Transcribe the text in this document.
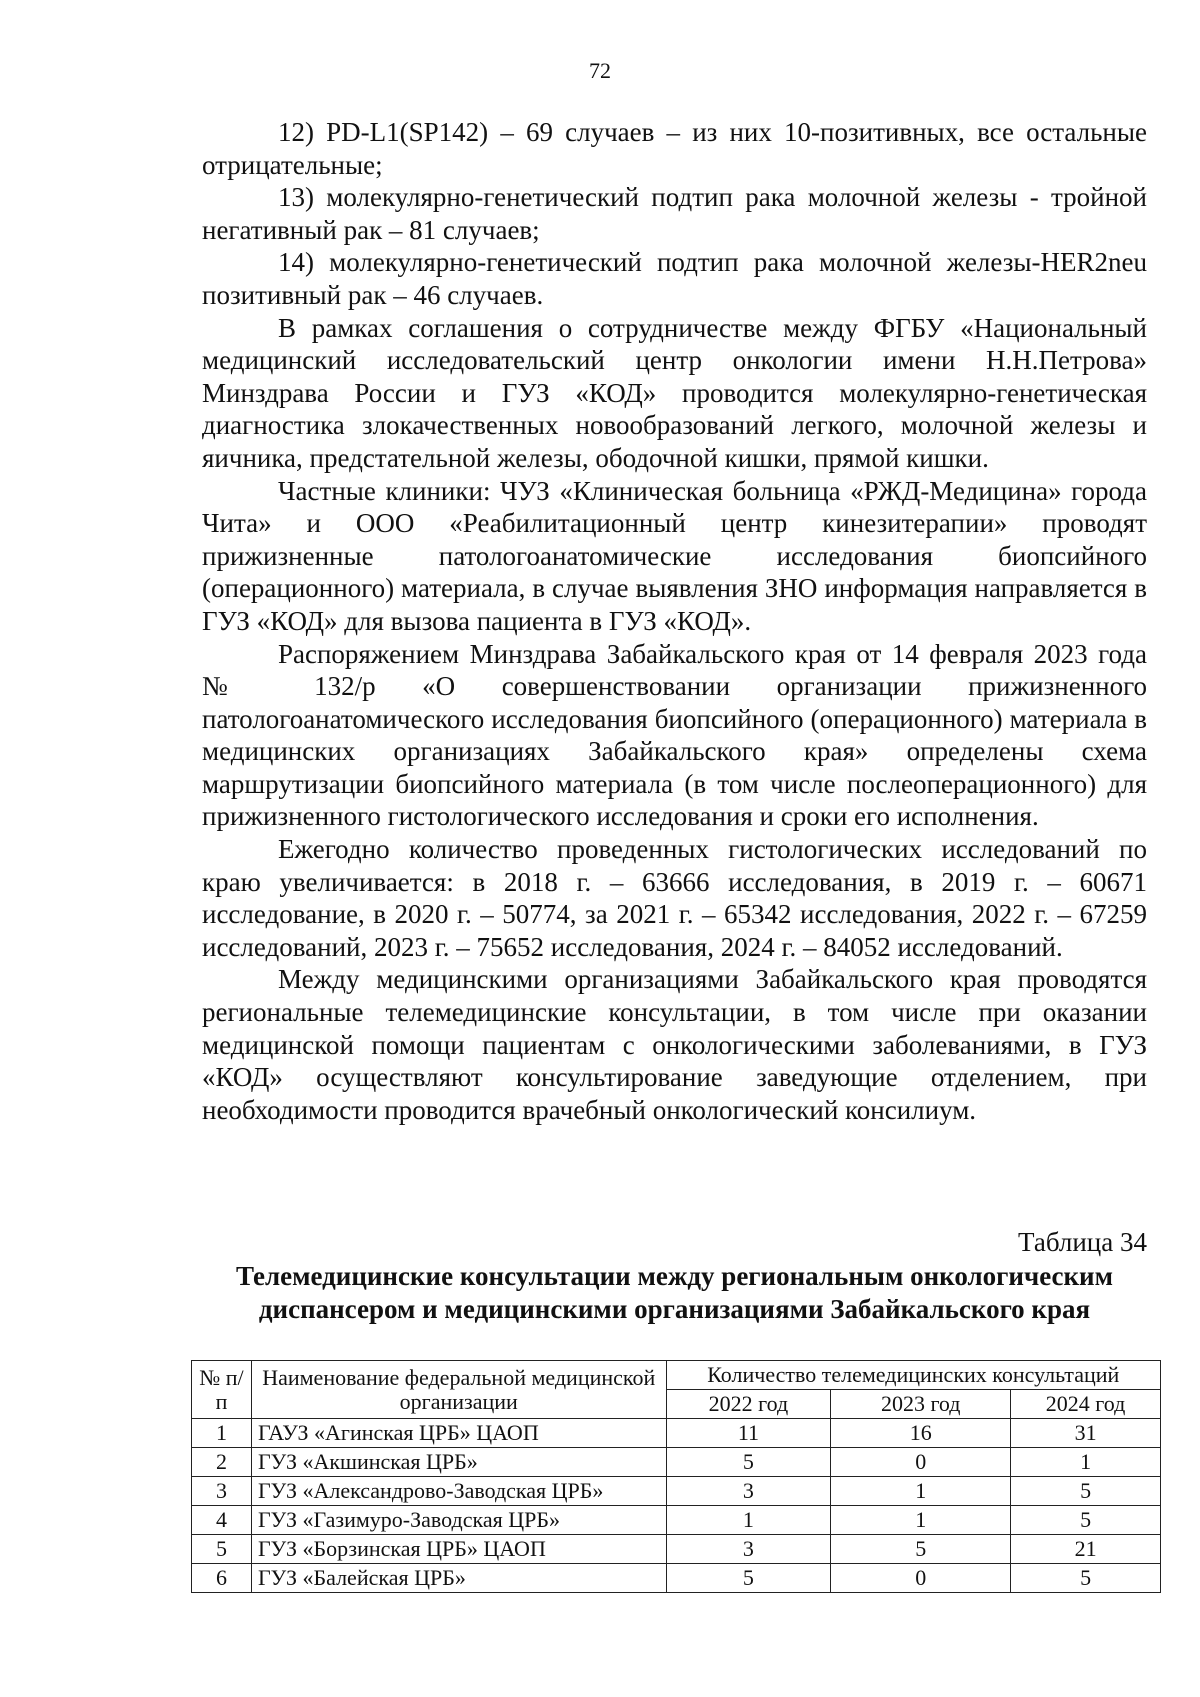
72

12) PD-L1(SP142) – 69 случаев – из них 10-позитивных, все остальные отрицательные;

13) молекулярно-генетический подтип рака молочной железы - тройной негативный рак – 81 случаев;

14) молекулярно-генетический подтип рака молочной железы-HER2neu позитивный рак – 46 случаев.

В рамках соглашения о сотрудничестве между ФГБУ «Национальный медицинский исследовательский центр онкологии имени Н.Н.Петрова» Минздрава России и ГУЗ «КОД» проводится молекулярно-генетическая диагностика злокачественных новообразований легкого, молочной железы и яичника, предстательной железы, ободочной кишки, прямой кишки.

Частные клиники: ЧУЗ «Клиническая больница «РЖД-Медицина» города Чита» и ООО «Реабилитационный центр кинезитерапии» проводят прижизненные патологоанатомические исследования биопсийного (операционного) материала, в случае выявления ЗНО информация направляется в ГУЗ «КОД» для вызова пациента в ГУЗ «КОД».

Распоряжением Минздрава Забайкальского края от 14 февраля 2023 года № 132/р «О совершенствовании организации прижизненного патологоанатомического исследования биопсийного (операционного) материала в медицинских организациях Забайкальского края» определены схема маршрутизации биопсийного материала (в том числе послеоперационного) для прижизненного гистологического исследования и сроки его исполнения.

Ежегодно количество проведенных гистологических исследований по краю увеличивается: в 2018 г. – 63666 исследования, в 2019 г. – 60671 исследование, в 2020 г. – 50774, за 2021 г. – 65342 исследования, 2022 г. – 67259 исследований, 2023 г. – 75652 исследования, 2024 г. – 84052 исследований.

Между медицинскими организациями Забайкальского края проводятся региональные телемедицинские консультации, в том числе при оказании медицинской помощи пациентам с онкологическими заболеваниями, в ГУЗ «КОД» осуществляют консультирование заведующие отделением, при необходимости проводится врачебный онкологический консилиум.

Таблица 34
Телемедицинские консультации между региональным онкологическим диспансером и медицинскими организациями Забайкальского края
№ п/п	Наименование федеральной медицинской организации	Количество телемедицинских консультаций		
		2022 год	2023 год	2024 год
1	ГАУЗ «Агинская ЦРБ» ЦАОП	11	16	31
2	ГУЗ «Акшинская ЦРБ»	5	0	1
3	ГУЗ «Александрово-Заводская ЦРБ»	3	1	5
4	ГУЗ «Газимуро-Заводская ЦРБ»	1	1	5
5	ГУЗ «Борзинская ЦРБ» ЦАОП	3	5	21
6	ГУЗ «Балейская ЦРБ»	5	0	5
